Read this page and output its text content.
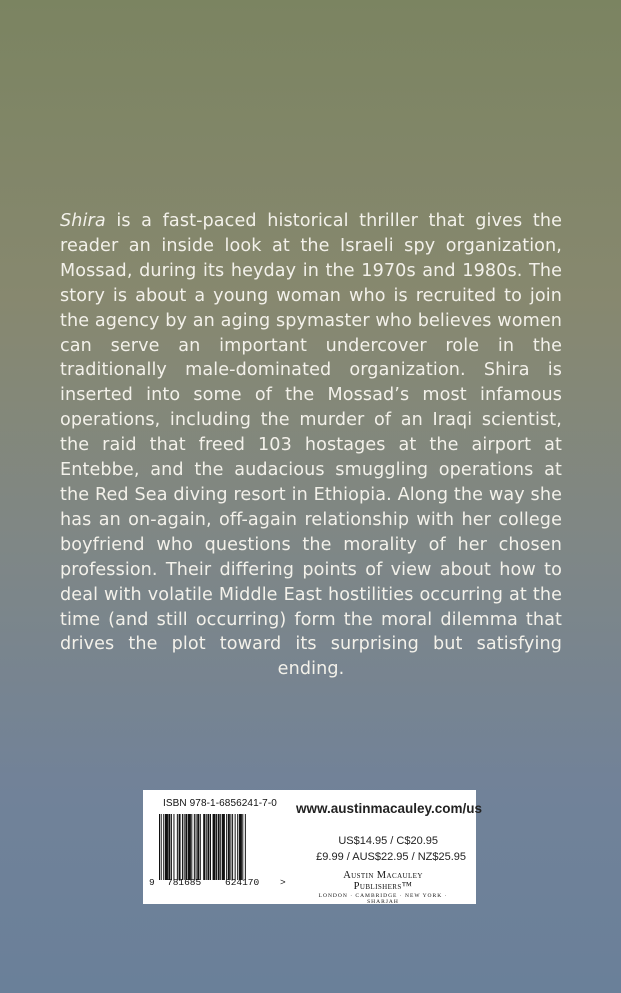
Shira is a fast-paced historical thriller that gives the reader an inside look at the Israeli spy organization, Mossad, during its heyday in the 1970s and 1980s. The story is about a young woman who is recruited to join the agency by an aging spymaster who believes women can serve an important undercover role in the traditionally male-dominated organization. Shira is inserted into some of the Mossad’s most infamous operations, including the murder of an Iraqi scientist, the raid that freed 103 hostages at the airport at Entebbe, and the audacious smuggling operations at the Red Sea diving resort in Ethiopia. Along the way she has an on-again, off-again relationship with her college boyfriend who questions the morality of her chosen profession. Their differing points of view about how to deal with volatile Middle East hostilities occurring at the time (and still occurring) form the moral dilemma that drives the plot toward its surprising but satisfying ending.

ISBN 978-1-6856241-7-0
9 781685	624170 >
www.austinmacauley.com/us
US$14.95 / C$20.95
£9.99 / AUS$22.95 / NZ$25.95
Austin Macauley Publishers™
LONDON · CAMBRIDGE · NEW YORK · SHARJAH
